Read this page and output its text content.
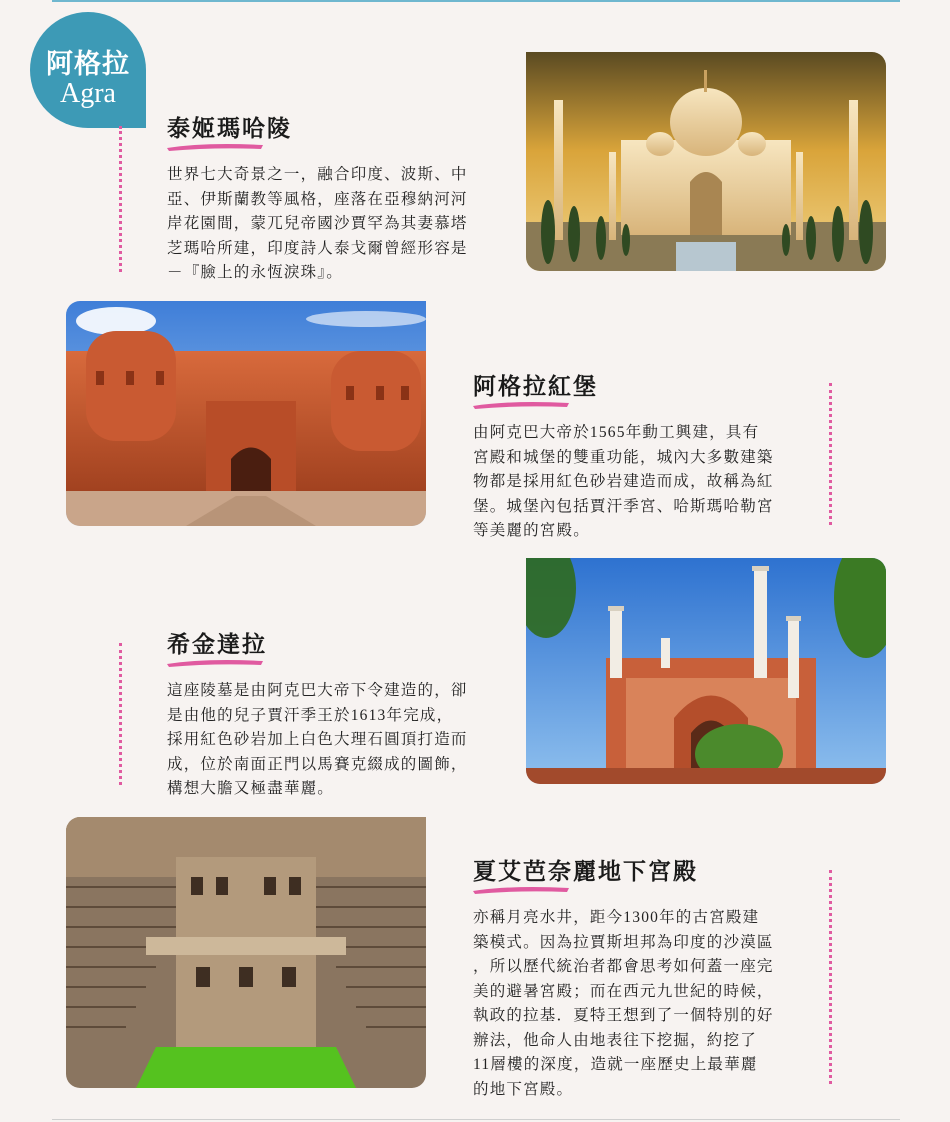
阿格拉
Agra
泰姬瑪哈陵
世界七大奇景之一，融合印度、波斯、中
亞、伊斯蘭教等風格，座落在亞穆納河河
岸花園間，蒙兀兒帝國沙賈罕為其妻慕塔
芝瑪哈所建，印度詩人泰戈爾曾經形容是
－『臉上的永恆淚珠』。
阿格拉紅堡
由阿克巴大帝於1565年動工興建，具有
宮殿和城堡的雙重功能，城內大多數建築
物都是採用紅色砂岩建造而成，故稱為紅
堡。城堡內包括賈汗季宮、哈斯瑪哈勒宮
等美麗的宮殿。
希金達拉
這座陵墓是由阿克巴大帝下令建造的，卻
是由他的兒子賈汗季王於1613年完成，
採用紅色砂岩加上白色大理石圓頂打造而
成，位於南面正門以馬賽克綴成的圖飾，
構想大膽又極盡華麗。
夏艾芭奈麗地下宮殿
亦稱月亮水井，距今1300年的古宮殿建
築模式。因為拉賈斯坦邦為印度的沙漠區
，所以歷代統治者都會思考如何蓋一座完
美的避暑宮殿；而在西元九世紀的時候，
執政的拉基．夏特王想到了一個特別的好
辦法，他命人由地表往下挖掘，約挖了
11層樓的深度，造就一座歷史上最華麗
的地下宮殿。
